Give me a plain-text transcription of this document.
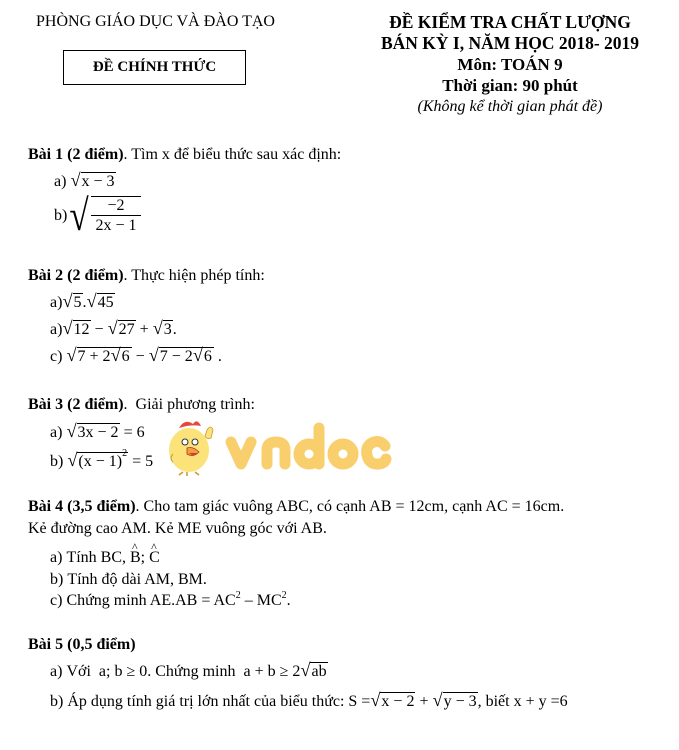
PHÒNG GIÁO DỤC VÀ ĐÀO TẠO
ĐỀ CHÍNH THỨC
ĐỀ KIỂM TRA CHẤT LƯỢNG
BÁN KỲ I, NĂM HỌC 2018- 2019
Môn: TOÁN 9
Thời gian: 90 phút
(Không kể thời gian phát đề)
Bài 1 (2 điểm). Tìm x để biểu thức sau xác định:
a) √x − 3
b) √ $\frac{-2}{2x - 1}$
Bài 2 (2 điểm). Thực hiện phép tính:
a)√5.√45
a)√12 − √27 + √3.
c) √7 + 2√6 − √7 − 2√6 .
Bài 3 (2 điểm).  Giải phương trình:
a) √3x − 2 = 6
b) $√(x - 1)^2 = 5$
Bài 4 (3,5 điểm). Cho tam giác vuông ABC, có cạnh AB = 12cm, cạnh AC = 16cm.
Kẻ đường cao AM. Kẻ ME vuông góc với AB.
a) Tính BC, ^ B; ^ C
b) Tính độ dài AM, BM.
c) Chứng minh $AE.AB = AC^2 - MC^2$.
Bài 5 (0,5 điểm)
a) Với  a; b ≥ 0. Chứng minh  a + b ≥ 2√ab
b) Áp dụng tính giá trị lớn nhất của biểu thức: S =√x − 2 + √y − 3, biết x + y =6
